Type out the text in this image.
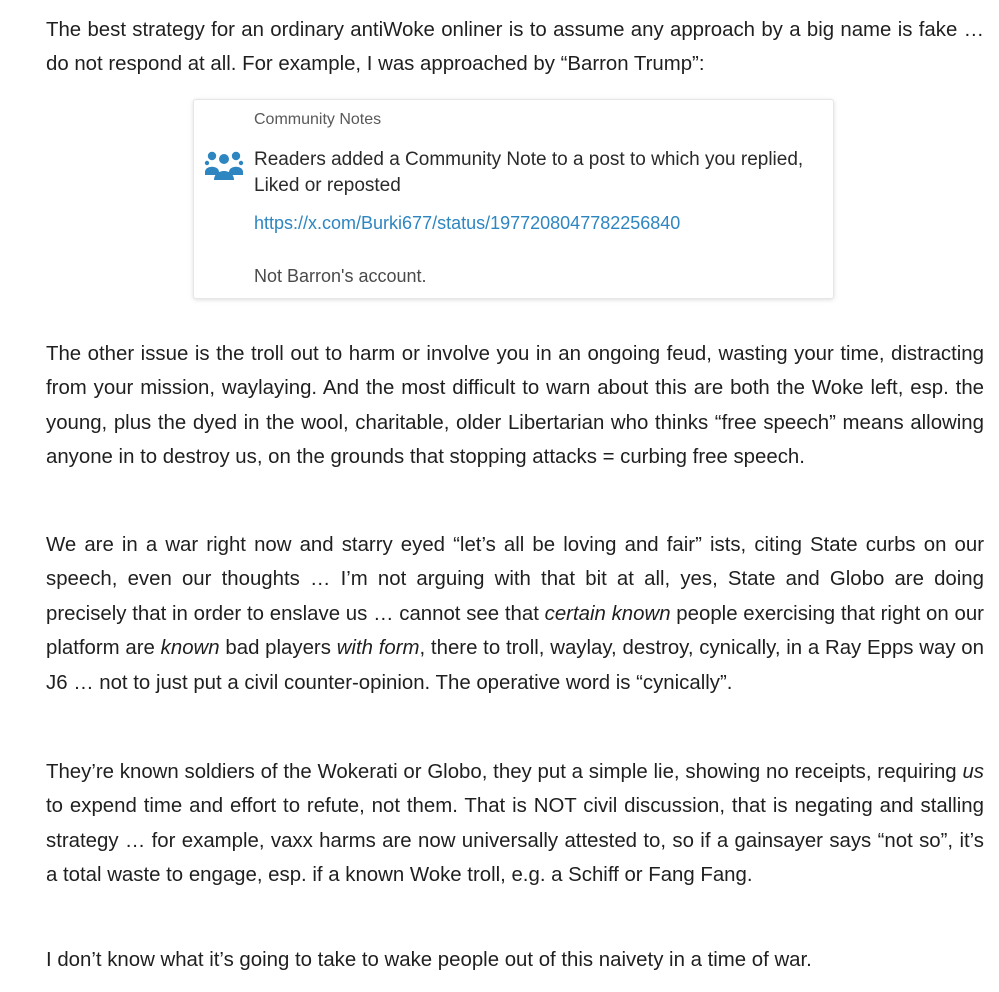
The best strategy for an ordinary antiWoke onliner is to assume any approach by a big name is fake … do not respond at all. For example, I was approached by “Barron Trump”:

Community Notes
Readers added a Community Note to a post to which you replied,
Liked or reposted
https://x.com/Burki677/status/1977208047782256840
Not Barron's account.

The other issue is the troll out to harm or involve you in an ongoing feud, wasting your time, distracting from your mission, waylaying. And the most difficult to warn about this are both the Woke left, esp. the young, plus the dyed in the wool, charitable, older Libertarian who thinks “free speech” means allowing anyone in to destroy us, on the grounds that stopping attacks = curbing free speech.

We are in a war right now and starry eyed “let’s all be loving and fair” ists, citing State curbs on our speech, even our thoughts … I’m not arguing with that bit at all, yes, State and Globo are doing precisely that in order to enslave us … cannot see that certain known people exercising that right on our platform are known bad players with form, there to troll, waylay, destroy, cynically, in a Ray Epps way on J6 … not to just put a civil counter-opinion. The operative word is “cynically”.

They’re known soldiers of the Wokerati or Globo, they put a simple lie, showing no receipts, requiring us to expend time and effort to refute, not them. That is NOT civil discussion, that is negating and stalling strategy … for example, vaxx harms are now universally attested to, so if a gainsayer says “not so”, it’s a total waste to engage, esp. if a known Woke troll, e.g. a Schiff or Fang Fang.

I don’t know what it’s going to take to wake people out of this naivety in a time of war.
